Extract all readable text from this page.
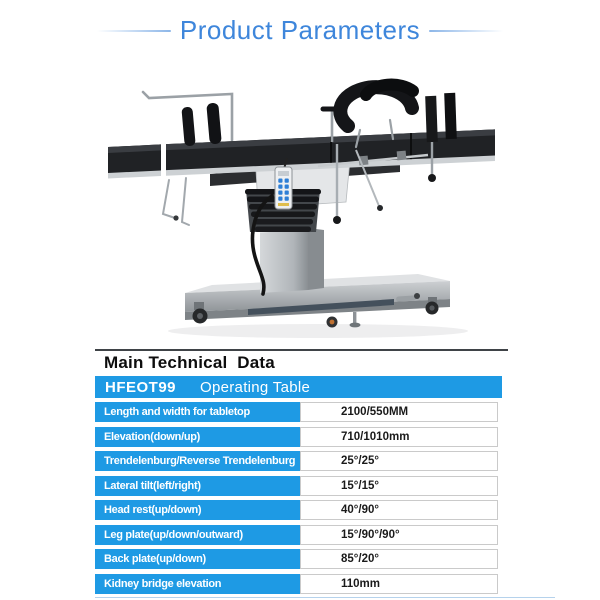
Product Parameters
Main Technical  Data
HFEOT99	Operating Table
Length and width for tabletop	2100/550MM
Elevation(down/up)	710/1010mm
Trendelenburg/Reverse Trendelenburg	25°/25°
Lateral tilt(left/right)	15°/15°
Head rest(up/down)	40°/90°
Leg plate(up/down/outward)	15°/90°/90°
Back plate(up/down)	85°/20°
Kidney bridge elevation	110mm
